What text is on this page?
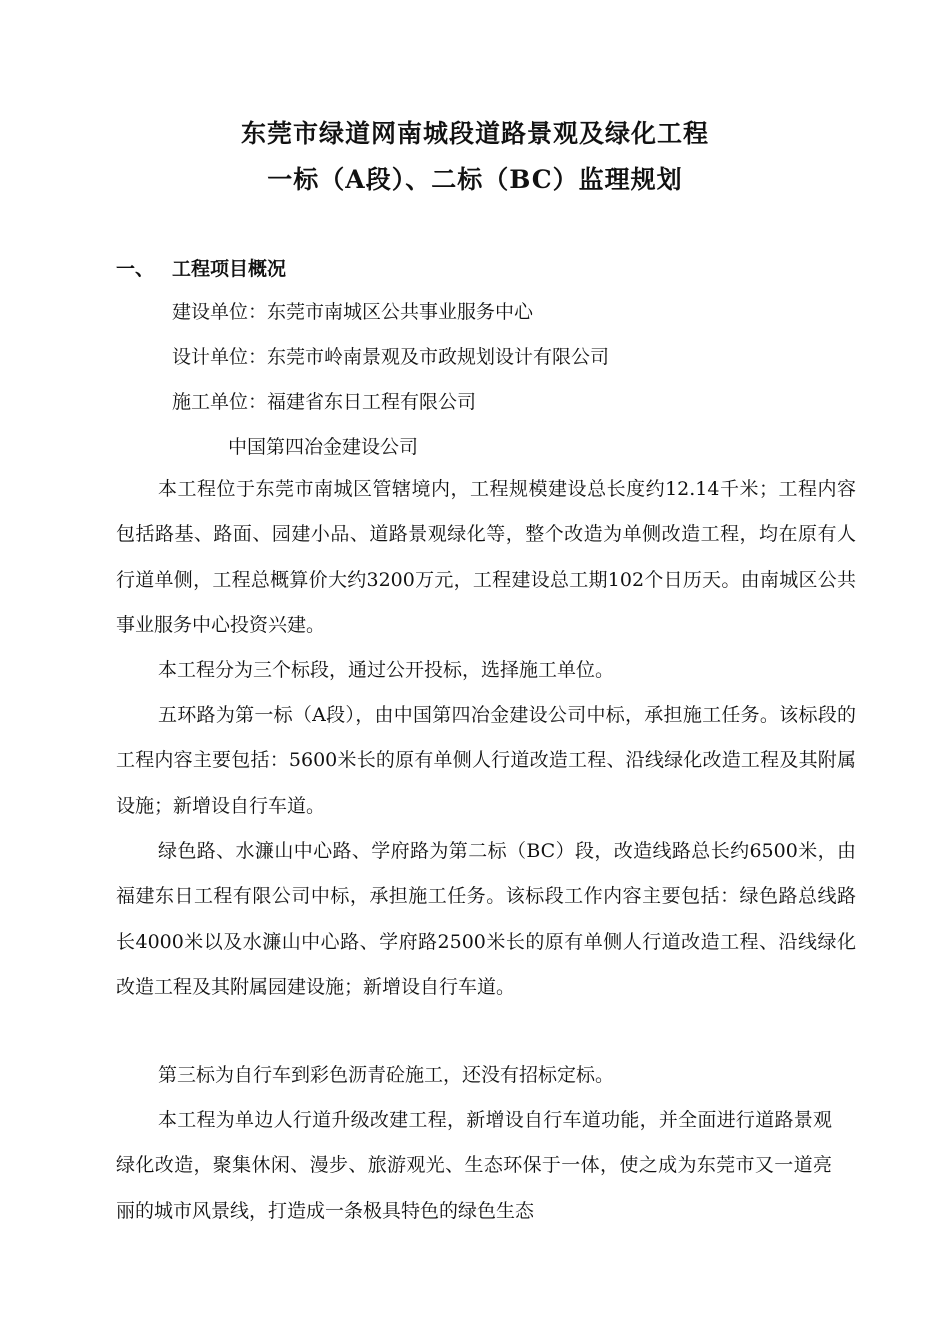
东莞市绿道网南城段道路景观及绿化工程
一标（A段）、二标（BC）监理规划
一、 工程项目概况
建设单位：东莞市南城区公共事业服务中心
设计单位：东莞市岭南景观及市政规划设计有限公司
施工单位：福建省东日工程有限公司
中国第四冶金建设公司

本工程位于东莞市南城区管辖境内，工程规模建设总长度约12.14千米；工程内容包括路基、路面、园建小品、道路景观绿化等，整个改造为单侧改造工程，均在原有人行道单侧，工程总概算价大约3200万元，工程建设总工期102个日历天。由南城区公共事业服务中心投资兴建。

本工程分为三个标段，通过公开投标，选择施工单位。

五环路为第一标（A段），由中国第四冶金建设公司中标，承担施工任务。该标段的工程内容主要包括：5600米长的原有单侧人行道改造工程、沿线绿化改造工程及其附属设施；新增设自行车道。

绿色路、水濂山中心路、学府路为第二标（BC）段，改造线路总长约6500米，由福建东日工程有限公司中标，承担施工任务。该标段工作内容主要包括：绿色路总线路长4000米以及水濂山中心路、学府路2500米长的原有单侧人行道改造工程、沿线绿化改造工程及其附属园建设施；新增设自行车道。

第三标为自行车到彩色沥青砼施工，还没有招标定标。

本工程为单边人行道升级改建工程，新增设自行车道功能，并全面进行道路景观绿化改造，聚集休闲、漫步、旅游观光、生态环保于一体，使之成为东莞市又一道亮丽的城市风景线，打造成一条极具特色的绿色生态
